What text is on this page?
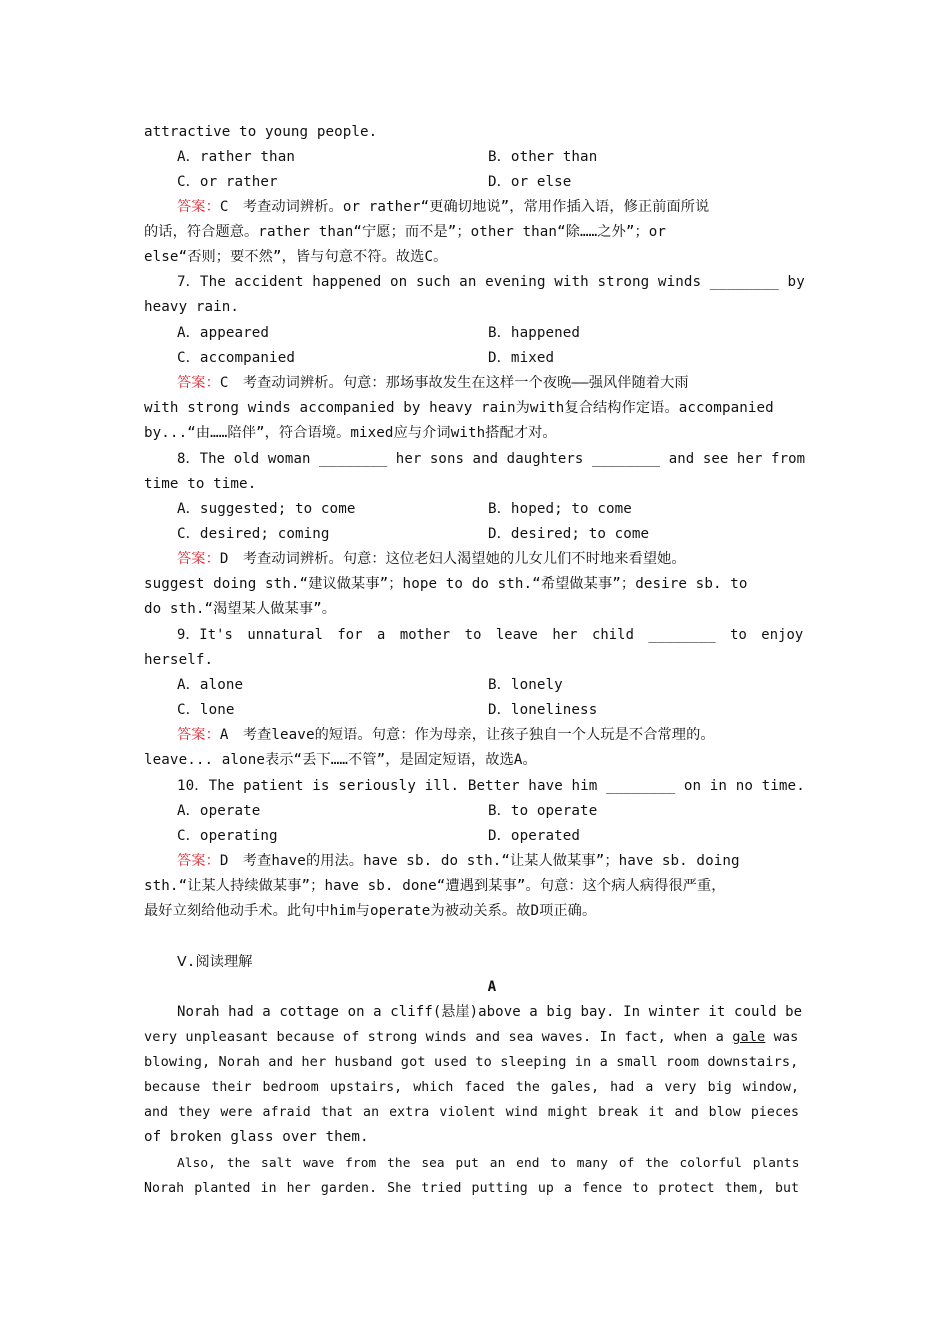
attractive to young people.
A．rather than	B．other than
C．or rather	D．or else
答案：C　考查动词辨析。or rather“更确切地说”，常用作插入语，修正前面所说
的话，符合题意。rather than“宁愿；而不是”；other than“除……之外”；or
else“否则；要不然”，皆与句意不符。故选C。
7．The accident happened on such an evening with strong winds ________ by
heavy rain.
A．appeared	B．happened
C．accompanied	D．mixed
答案：C　考查动词辨析。句意：那场事故发生在这样一个夜晚——强风伴随着大雨
with strong winds accompanied by heavy rain为with复合结构作定语。accompanied
by...“由……陪伴”，符合语境。mixed应与介词with搭配才对。
8．The old woman ________ her sons and daughters ________ and see her from
time to time.
A．suggested; to come	B．hoped; to come
C．desired; coming	D．desired; to come
答案：D　考查动词辨析。句意：这位老妇人渴望她的儿女儿们不时地来看望她。
suggest doing sth.“建议做某事”；hope to do sth.“希望做某事”；desire sb. to
do sth.“渴望某人做某事”。
9．It's unnatural for a mother to leave her child ________ to enjoy
herself.
A．alone	B．lonely
C．lone	D．loneliness
答案：A　考查leave的短语。句意：作为母亲，让孩子独自一个人玩是不合常理的。
leave... alone表示“丢下……不管”，是固定短语，故选A。
10．The patient is seriously ill. Better have him ________ on in no time.
A．operate	B．to operate
C．operating	D．operated
答案：D　考查have的用法。have sb. do sth.“让某人做某事”；have sb. doing
sth.“让某人持续做某事”；have sb. done“遭遇到某事”。句意：这个病人病得很严重，
最好立刻给他动手术。此句中him与operate为被动关系。故D项正确。
Ⅴ.阅读理解
A
Norah had a cottage on a cliff(悬崖)above a big bay. In winter it could be
very unpleasant because of strong winds and sea waves. In fact, when a gale was
blowing, Norah and her husband got used to sleeping in a small room downstairs,
because their bedroom upstairs, which faced the gales, had a very big window,
and they were afraid that an extra violent wind might break it and blow pieces
of broken glass over them.
Also, the salt wave from the sea put an end to many of the colorful plants
Norah planted in her garden. She tried putting up a fence to protect them, but
